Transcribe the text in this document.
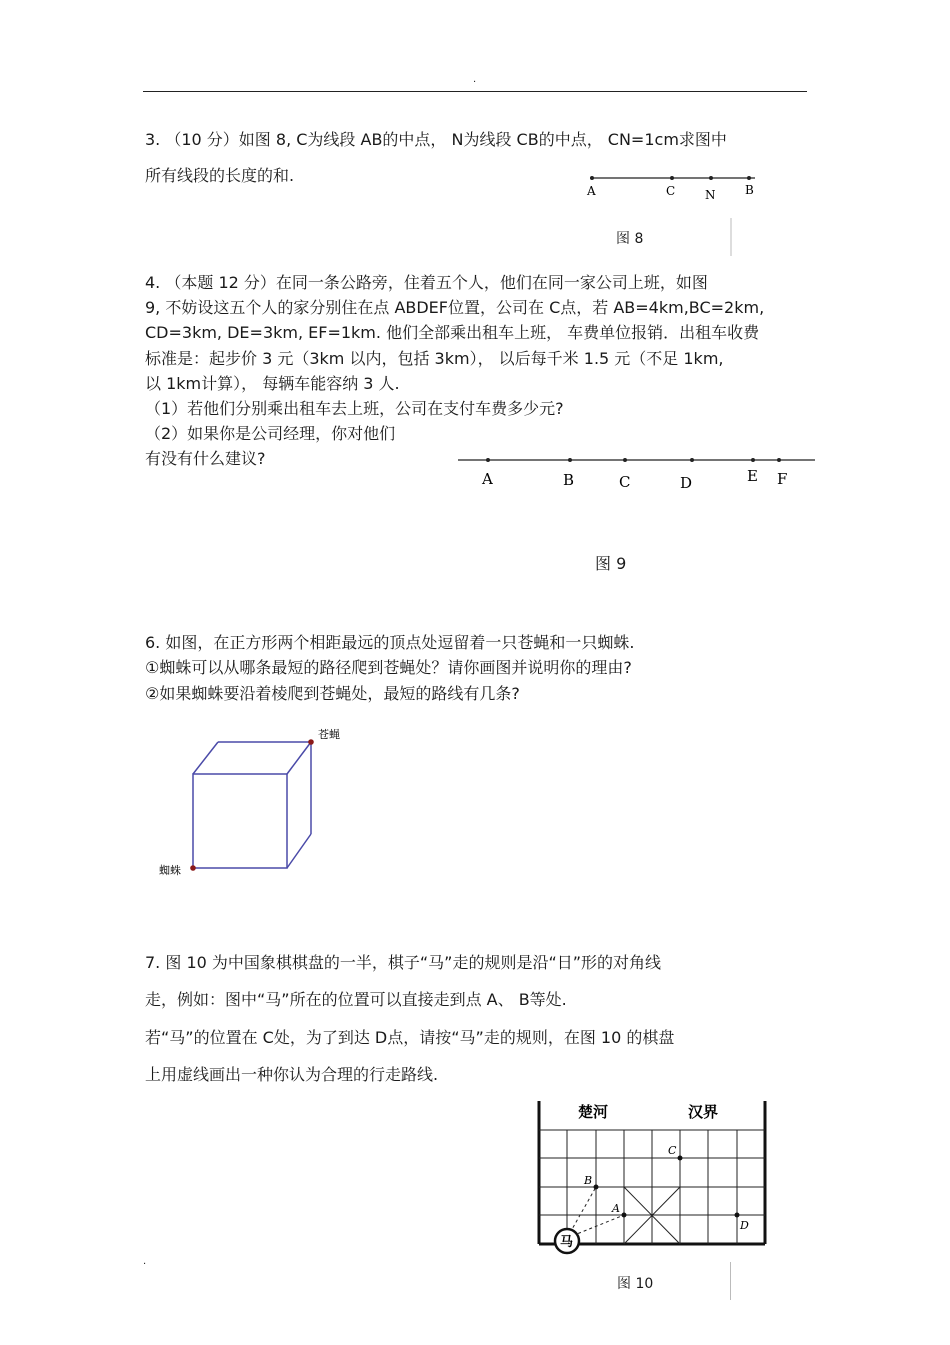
.
3. （10 分）如图 8, C为线段 AB的中点， N为线段 CB的中点， CN=1cm求图中
所有线段的长度的和.
A	C N B
图 8
4. （本题 12 分）在同一条公路旁，住着五个人，他们在同一家公司上班，如图
9, 不妨设这五个人的家分别住在点 ABDEF位置，公司在 C点，若 AB=4km,BC=2km,
CD=3km, DE=3km, EF=1km. 他们全部乘出租车上班， 车费单位报销．出租车收费
标准是：起步价 3 元（3km 以内，包括 3km）， 以后每千米 1.5 元（不足 1km,
以 1km计算）， 每辆车能容纳 3 人.
（1）若他们分别乘出租车去上班，公司在支付车费多少元?
（2）如果你是公司经理，你对他们
有没有什么建议?
A	B	C	D	E F
图 9
6. 如图，在正方形两个相距最远的顶点处逗留着一只苍蝇和一只蜘蛛.
①蜘蛛可以从哪条最短的路径爬到苍蝇处？请你画图并说明你的理由?
②如果蜘蛛要沿着棱爬到苍蝇处，最短的路线有几条?
苍蝇
蜘蛛
7. 图 10 为中国象棋棋盘的一半，棋子“马”走的规则是沿“日”形的对角线
走，例如：图中“马”所在的位置可以直接走到点 A、 B等处.
若“马”的位置在 C处，为了到达 D点，请按“马”走的规则，在图 10 的棋盘
上用虚线画出一种你认为合理的行走路线.
楚河	汉界
C
B
A
D
马
图 10
.
